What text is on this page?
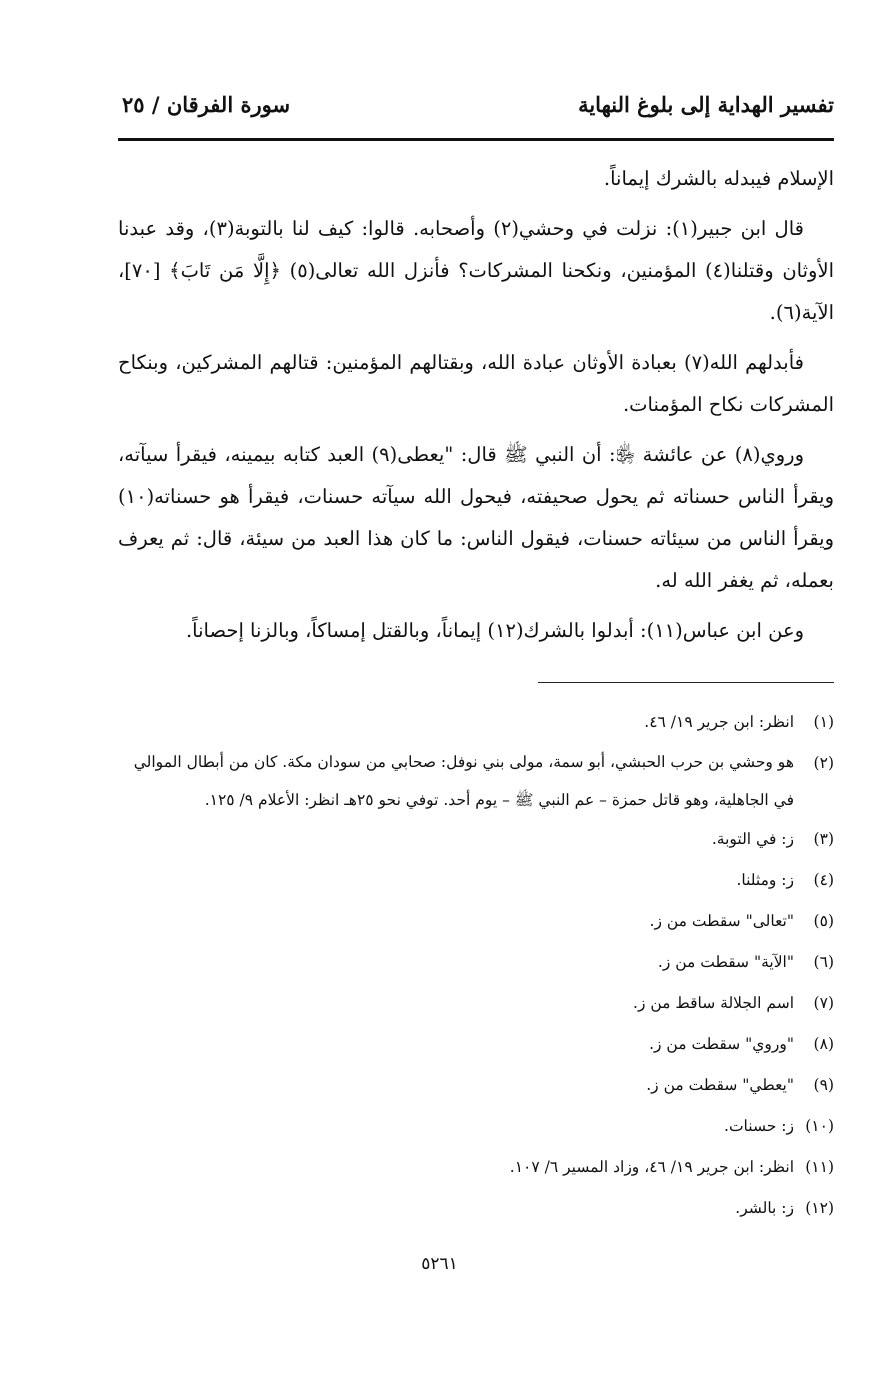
تفسير الهداية إلى بلوغ النهاية
سورة الفرقان / ٢٥

الإسلام فيبدله بالشرك إيماناً.

قال ابن جبير(١): نزلت في وحشي(٢) وأصحابه. قالوا: كيف لنا بالتوبة(٣)، وقد عبدنا الأوثان وقتلنا(٤) المؤمنين، ونكحنا المشركات؟ فأنزل الله تعالى(٥) ﴿إِلَّا مَن تَابَ﴾ [٧٠]، الآية(٦).

فأبدلهم الله(٧) بعبادة الأوثان عبادة الله، وبقتالهم المؤمنين: قتالهم المشركين، وبنكاح المشركات نكاح المؤمنات.

وروي(٨) عن عائشة ﵂: أن النبي ﷺ قال: "يعطى(٩) العبد كتابه بيمينه، فيقرأ سيآته، ويقرأ الناس حسناته ثم يحول صحيفته، فيحول الله سيآته حسنات، فيقرأ هو حسناته(١٠) ويقرأ الناس من سيئاته حسنات، فيقول الناس: ما كان هذا العبد من سيئة، قال: ثم يعرف بعمله، ثم يغفر الله له.

وعن ابن عباس(١١): أبدلوا بالشرك(١٢) إيماناً، وبالقتل إمساكاً، وبالزنا إحصاناً.

(١)
انظر: ابن جرير ١٩/ ٤٦.
(٢)
هو وحشي بن حرب الحبشي، أبو سمة، مولى بني نوفل: صحابي من سودان مكة. كان من أبطال الموالي في الجاهلية، وهو قاتل حمزة – عم النبي ﷺ – يوم أحد. توفي نحو ٢٥هـ انظر: الأعلام ٩/ ١٢٥.
(٣)
ز: في التوبة.
(٤)
ز: ومثلنا.
(٥)
"تعالى" سقطت من ز.
(٦)
"الآية" سقطت من ز.
(٧)
اسم الجلالة ساقط من ز.
(٨)
"وروي" سقطت من ز.
(٩)
"يعطي" سقطت من ز.
(١٠)
ز: حسنات.
(١١)
انظر: ابن جرير ١٩/ ٤٦، وزاد المسير ٦/ ١٠٧.
(١٢)
ز: بالشر.
٥٢٦١
